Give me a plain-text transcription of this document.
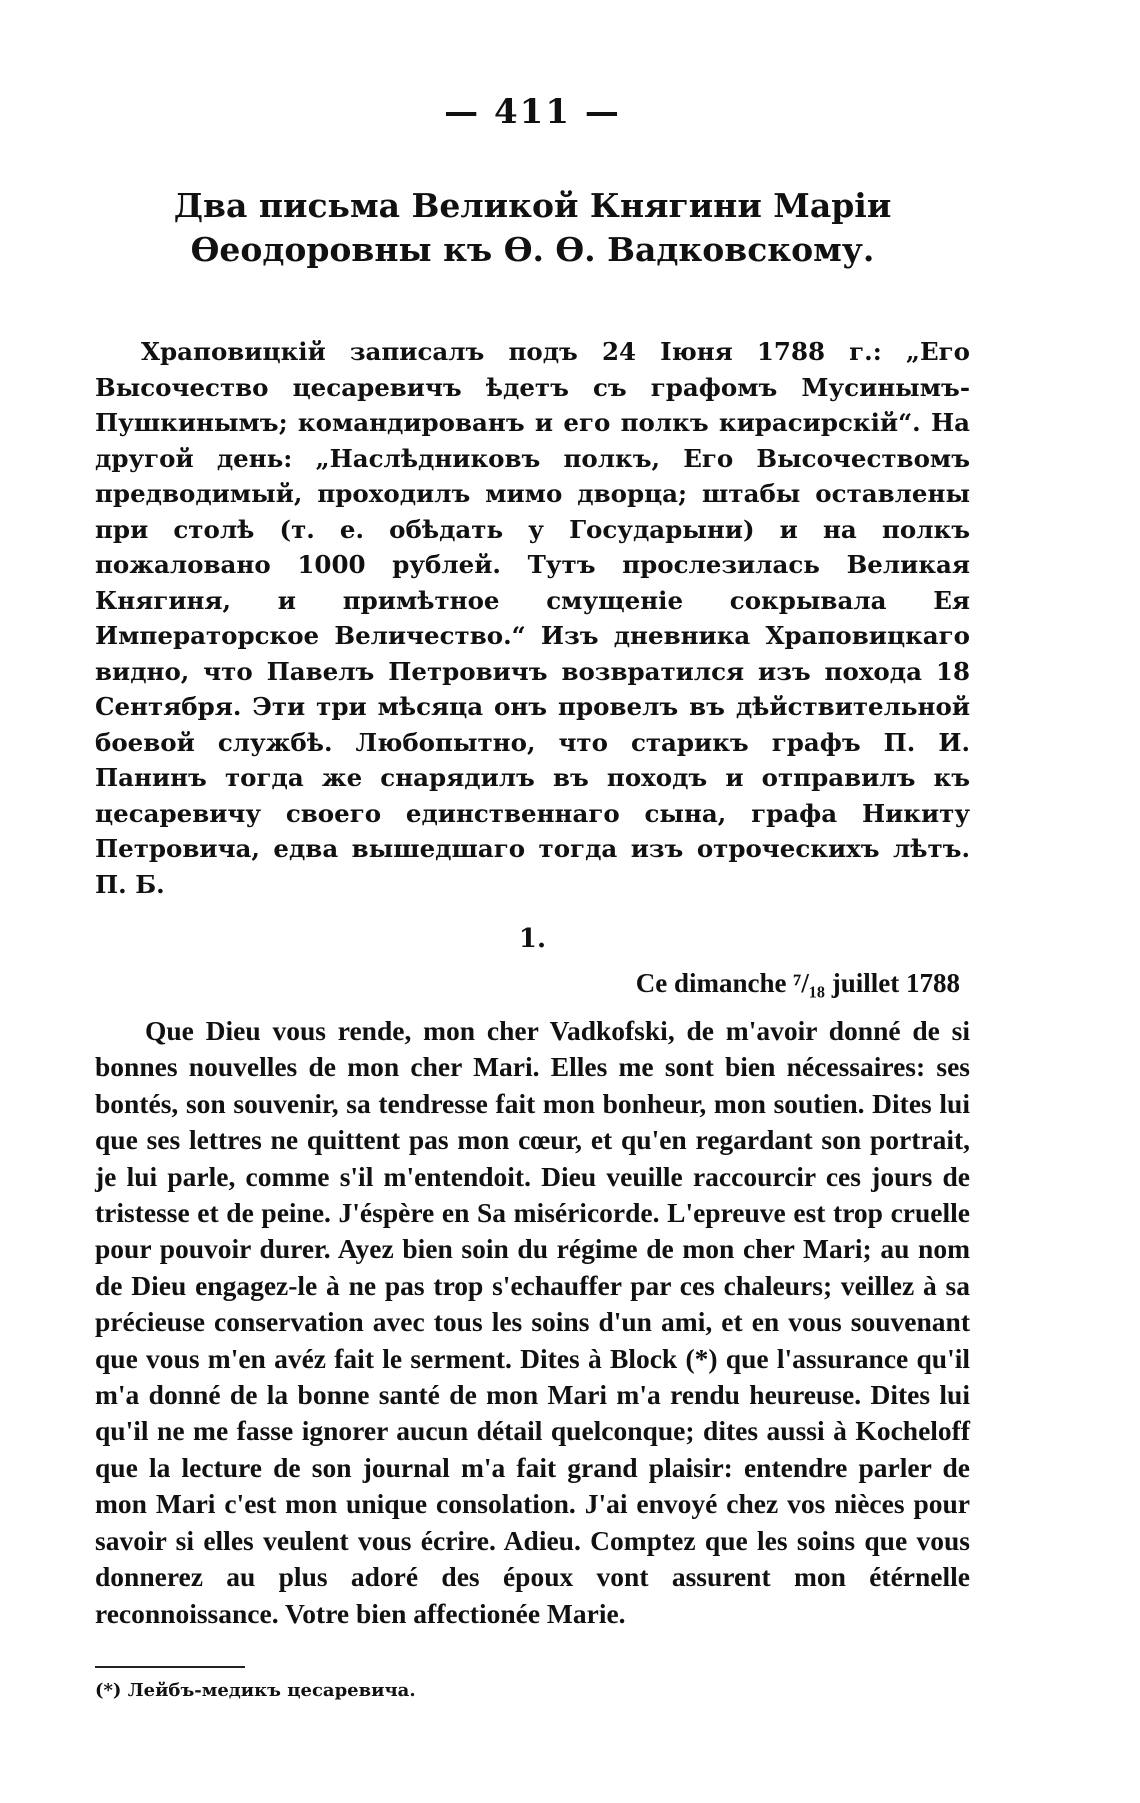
— 411 —
Два письма Великой Княгини Маріи
Ѳеодоровны къ Ѳ. Ѳ. Вадковскому.

Храповицкій записалъ подъ 24 Іюня 1788 г.: „Его Высочество цесаревичъ ѣдетъ съ графомъ Мусинымъ-Пушкинымъ; командированъ и его полкъ кирасирскій“. На другой день: „Наслѣдниковъ полкъ, Его Высочествомъ предводимый, проходилъ мимо дворца; штабы оставлены при столѣ (т. е. обѣдать у Государыни) и на полкъ пожаловано 1000 рублей. Тутъ прослезилась Великая Княгиня, и примѣтное смущеніе сокрывала Ея Императорское Величество.“ Изъ дневника Храповицкаго видно, что Павелъ Петровичъ возвратился изъ похода 18 Сентября. Эти три мѣсяца онъ провелъ въ дѣйствительной боевой службѣ. Любопытно, что старикъ графъ П. И. Панинъ тогда же снарядилъ въ походъ и отправилъ къ цесаревичу своего единственнаго сына, графа Никиту Петровича, едва вышедшаго тогда изъ отроческихъ лѣтъ. П. Б.

1.
Ce dimanche ⁷/₁₈ juillet 1788

Que Dieu vous rende, mon cher Vadkofski, de m'avoir donné de si bonnes nouvelles de mon cher Mari. Elles me sont bien nécessaires: ses bontés, son souvenir, sa tendresse fait mon bonheur, mon soutien. Dites lui que ses lettres ne quittent pas mon cœur, et qu'en regardant son portrait, je lui parle, comme s'il m'entendoit. Dieu veuille raccourcir ces jours de tristesse et de peine. J'éspère en Sa miséricorde. L'epreuve est trop cruelle pour pouvoir durer. Ayez bien soin du régime de mon cher Mari; au nom de Dieu engagez-le à ne pas trop s'echauffer par ces chaleurs; veillez à sa précieuse conservation avec tous les soins d'un ami, et en vous souvenant que vous m'en avéz fait le serment. Dites à Block (*) que l'assurance qu'il m'a donné de la bonne santé de mon Mari m'a rendu heureuse. Dites lui qu'il ne me fasse ignorer aucun détail quelconque; dites aussi à Kocheloff que la lecture de son journal m'a fait grand plaisir: entendre parler de mon Mari c'est mon unique consolation. J'ai envoyé chez vos nièces pour savoir si elles veulent vous écrire. Adieu. Comptez que les soins que vous donnerez au plus adoré des époux vont assurent mon étérnelle reconnoissance. Votre bien affectionée Marie.

(*) Лейбъ-медикъ цесаревича.
